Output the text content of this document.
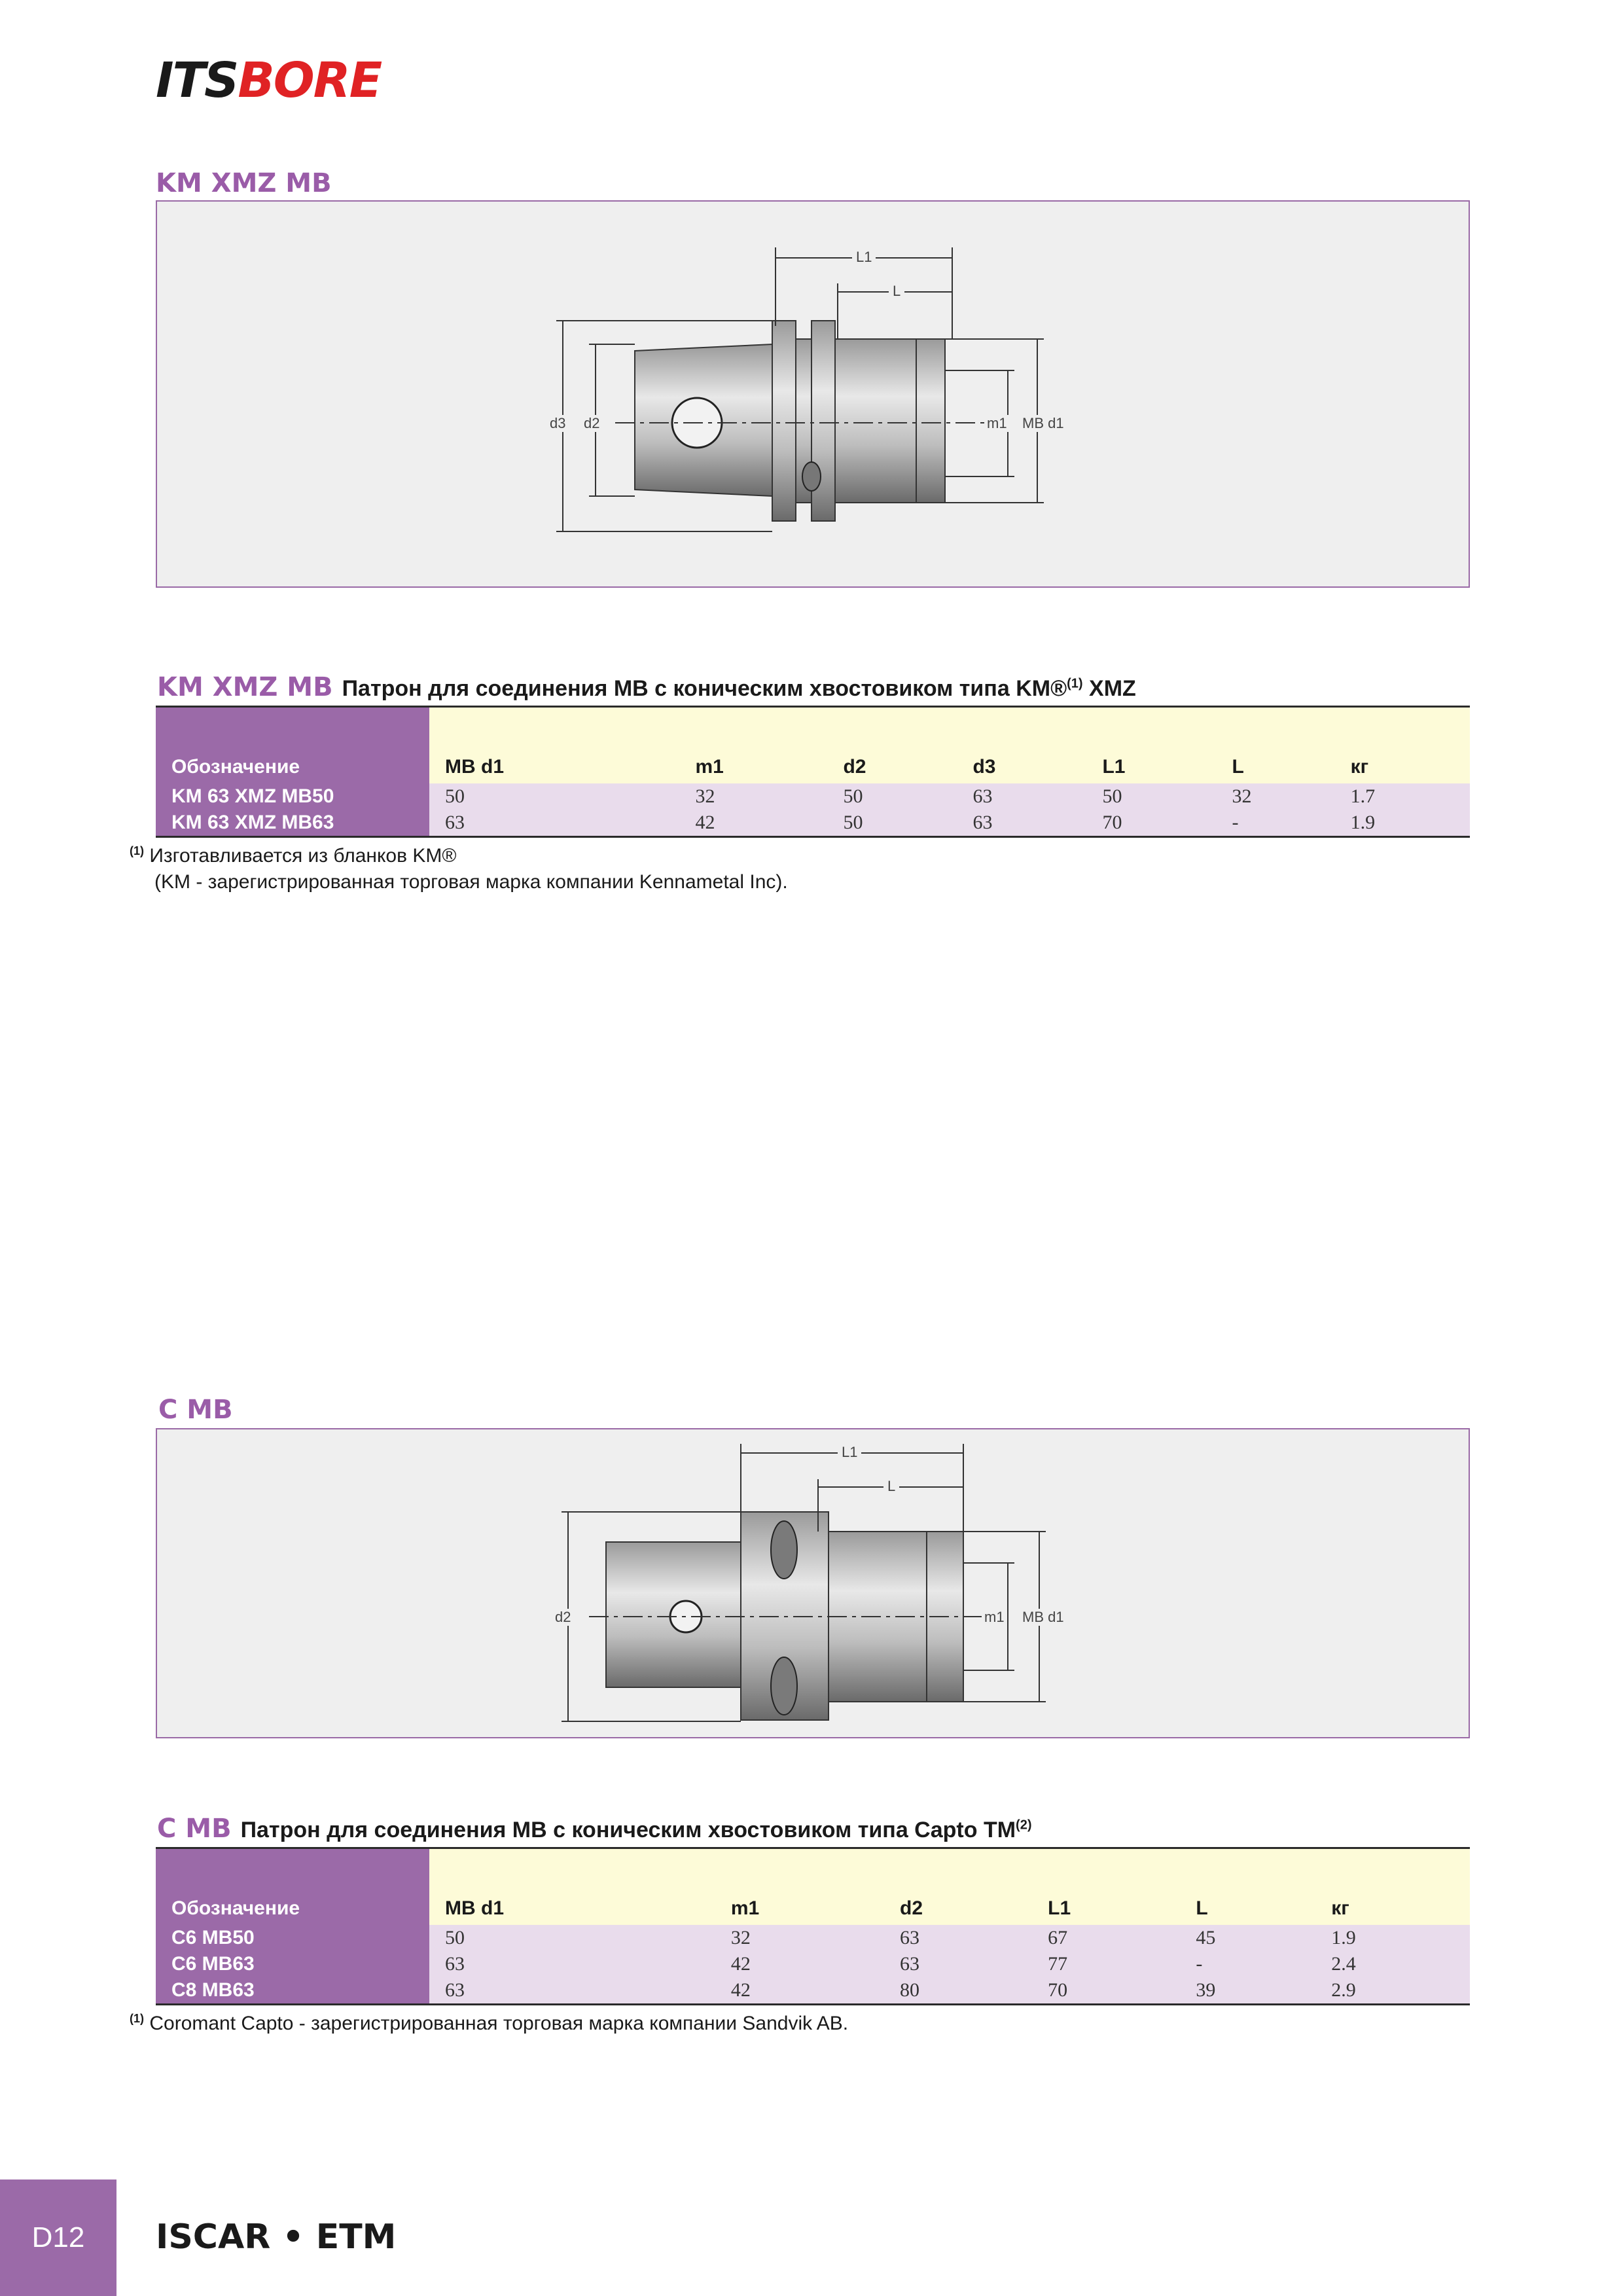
ITSBORE
KM XMZ MB
L1
L
d3 d2	m1 MB d1
KM XMZ MB Патрон для соединения МВ с коническим хвостовиком типа KM®$^{(1)}$ XMZ
Обозначение	MB d1	m1	d2	d3	L1	L	кг
KM 63 XMZ MB50	50	32	50	63	50	32	1.7
KM 63 XMZ MB63	63	42	50	63	70	-	1.9
$^{(1)}$ Изготавливается из бланков KM®
(KM - зарегистрированная торговая марка компании Kennametal Inc).
C MB
L1
L
d2	m1 MB d1
C MB Патрон для соединения МВ с коническим хвостовиком типа Capto TM$^{(2)}$
Обозначение	MB d1	m1	d2	L1	L	кг
C6 MB50	50	32	63	67	45	1.9
C6 MB63	63	42	63	77	-	2.4
C8 MB63	63	42	80	70	39	2.9
$^{(1)}$ Coromant Capto - зарегистрированная торговая марка компании Sandvik AB.
D12	ISCAR • ETM
